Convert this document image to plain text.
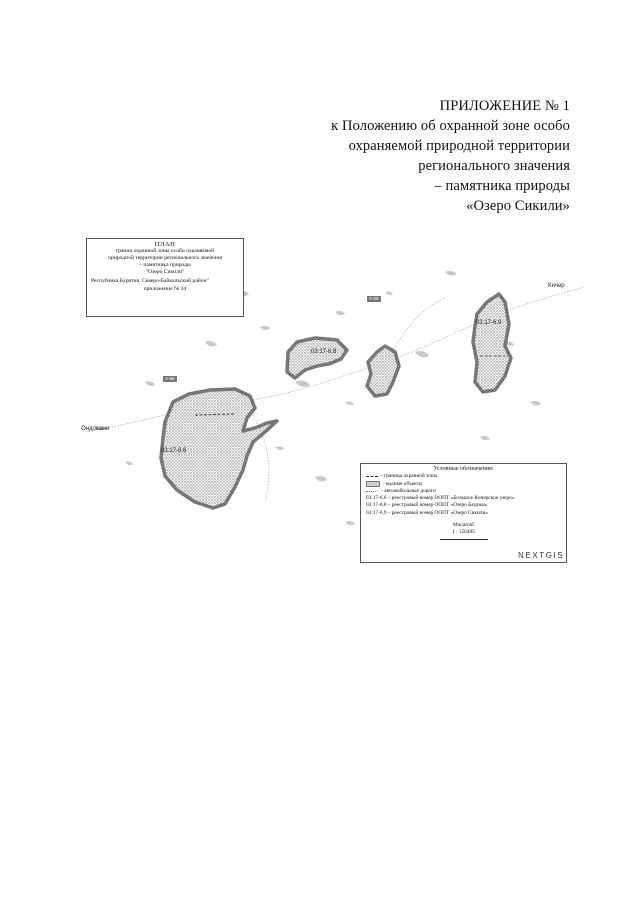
ПРИЛОЖЕНИЕ № 1
к Положению об охранной зоне особо
охраняемой природной территории
регионального значения
– памятника природы
«Озеро Сикили»
ПЛАН
границ охранной зоны особо охраняемой
природной территории регионального значения
– памятника природы
"Озеро Сикили"
Республика Бурятия, Северо-Байкальский район"
приложение № 34
03:17-6.6
03:17-6.8
03:17-6.9
Кичер
Ондоками
А-66
А-65
Условные обозначения:
- граница охранной зоны
- водные объекты
- автомобильные дороги
03:17-6.6 – реестровый номер ООПТ «Большое Кичерское озеро»
03:17-6.8 – реестровый номер ООПТ «Озеро Бауджи»
03:17-6.9 – реестровый номер ООПТ «Озеро Сикили»
Масштаб
1 : 156495
NEXTGIS
